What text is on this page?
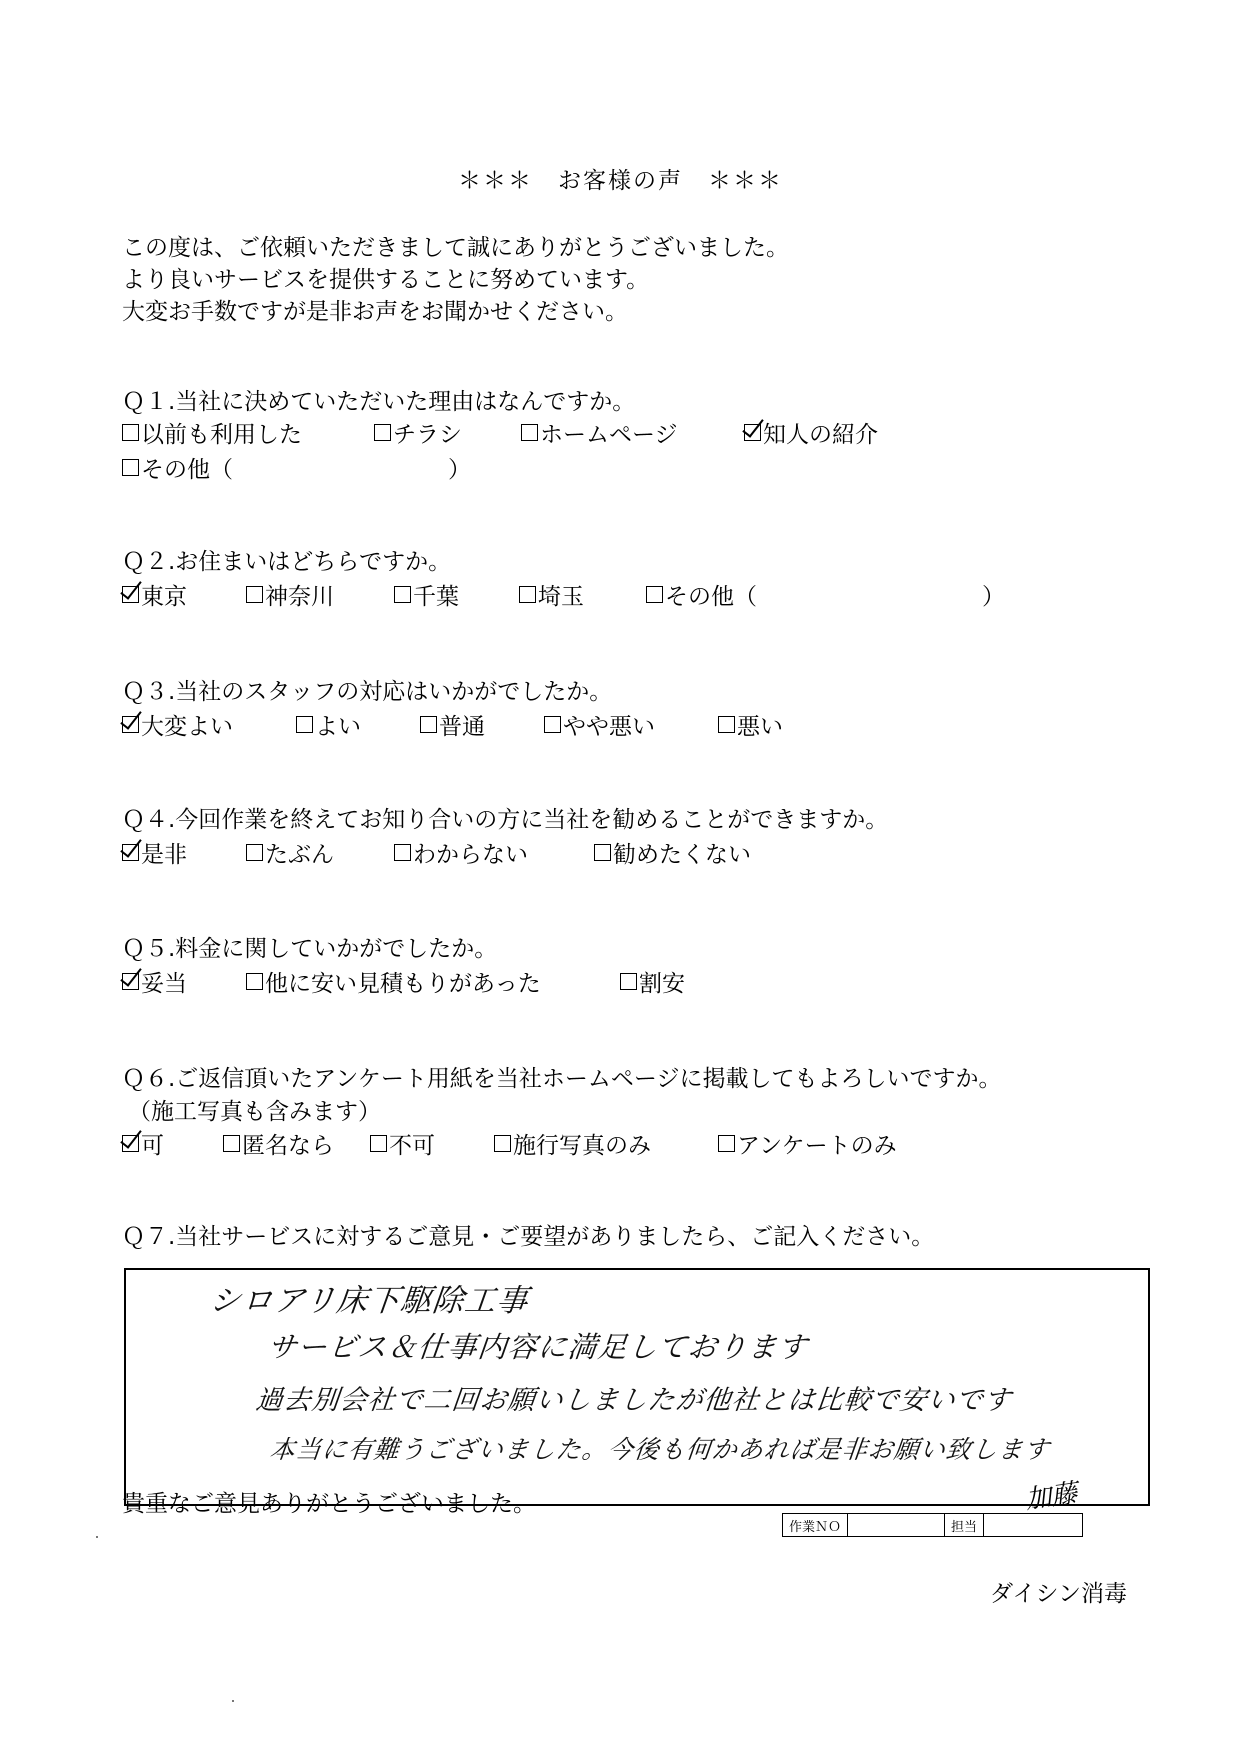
＊＊＊　お客様の声　＊＊＊
この度は、ご依頼いただきまして誠にありがとうございました。
より良いサービスを提供することに努めています。
大変お手数ですが是非お声をお聞かせください。
Ｑ１.当社に決めていただいた理由はなんですか。
以前も利用した	チラシ	ホームページ	知人の紹介
その他（	）
Ｑ２.お住まいはどちらですか。
東京	神奈川	千葉	埼玉	その他（	）
Ｑ３.当社のスタッフの対応はいかがでしたか。
大変よい	よい	普通	やや悪い	悪い
Ｑ４.今回作業を終えてお知り合いの方に当社を勧めることができますか。
是非	たぶん	わからない	勧めたくない
Ｑ５.料金に関していかがでしたか。
妥当	他に安い見積もりがあった	割安
Ｑ６.ご返信頂いたアンケート用紙を当社ホームページに掲載してもよろしいですか。
（施工写真も含みます）
可	匿名なら 不可	施行写真のみ	アンケートのみ
Ｑ７.当社サービスに対するご意見・ご要望がありましたら、ご記入ください。
シロアリ床下駆除工事
サービス＆仕事内容に満足しております
過去別会社で二回お願いしましたが他社とは比較で安いです
本当に有難うございました。今後も何かあれば是非お願い致します
貴重なご意見ありがとうございました。	加藤
作業ＮＯ		担当	
ダイシン消毒
